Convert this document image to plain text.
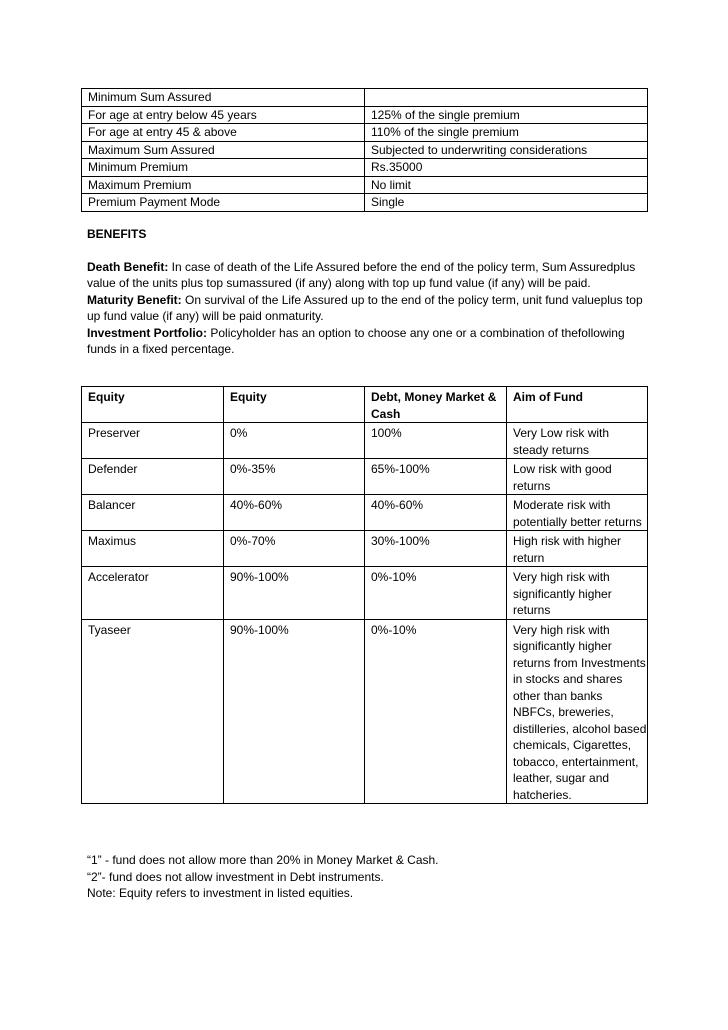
Minimum Sum Assured	
For age at entry below 45 years	125% of the single premium
For age at entry 45 & above	110% of the single premium
Maximum Sum Assured	Subjected to underwriting considerations
Minimum Premium	Rs.35000
Maximum Premium	No limit
Premium Payment Mode	Single

BENEFITS

Death Benefit: In case of death of the Life Assured before the end of the policy term, Sum Assuredplus value of the units plus top sumassured (if any) along with top up fund value (if any) will be paid.

Maturity Benefit: On survival of the Life Assured up to the end of the policy term, unit fund valueplus top up fund value (if any) will be paid onmaturity.

Investment Portfolio: Policyholder has an option to choose any one or a combination of thefollowing funds in a fixed percentage.

Equity	Equity	Debt, Money Market & Cash	Aim of Fund
Preserver	0%	100%	Very Low risk with steady returns
Defender	0%-35%	65%-100%	Low risk with good returns
Balancer	40%-60%	40%-60%	Moderate risk with potentially better returns
Maximus	0%-70%	30%-100%	High risk with higher return
Accelerator	90%-100%	0%-10%	Very high risk with significantly higher returns
Tyaseer	90%-100%	0%-10%	Very high risk with significantly higher returns from Investments in stocks and shares other than banks NBFCs, breweries, distilleries, alcohol based chemicals, Cigarettes, tobacco, entertainment, leather, sugar and hatcheries.

“1” - fund does not allow more than 20% in Money Market & Cash.

“2”- fund does not allow investment in Debt instruments.

Note: Equity refers to investment in listed equities.
